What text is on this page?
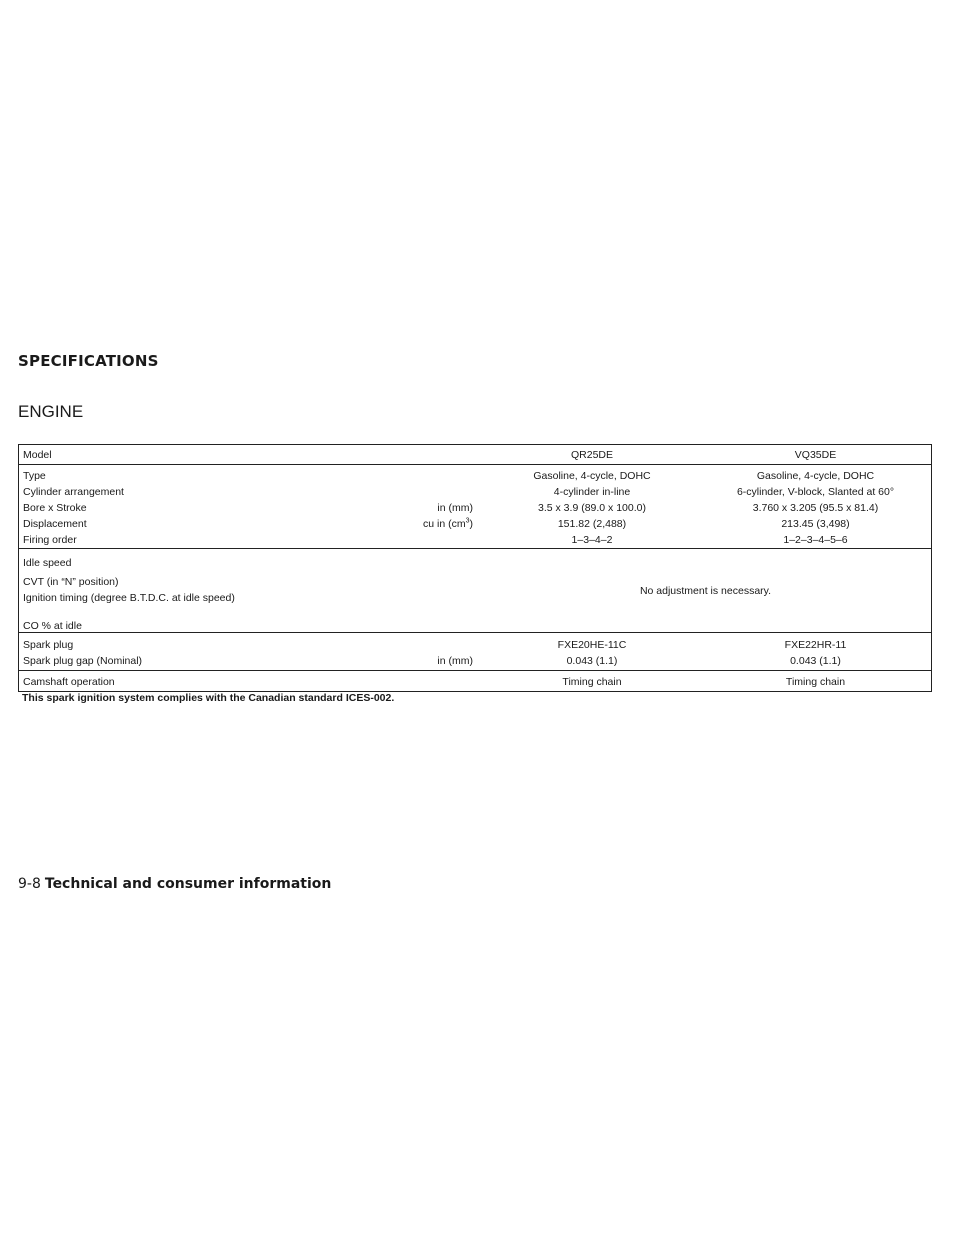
SPECIFICATIONS
ENGINE
Model	QR25DE	VQ35DE
Type	Gasoline, 4-cycle, DOHC	Gasoline, 4-cycle, DOHC
Cylinder arrangement	4-cylinder in-line	6-cylinder, V-block, Slanted at 60°
Bore x Stroke	in (mm)	3.5 x 3.9 (89.0 x 100.0)	3.760 x 3.205 (95.5 x 81.4)
Displacement	cu in $(cm^3)$	151.82 (2,488)	213.45 (3,498)
Firing order	1–3–4–2	1–2–3–4–5–6
Idle speed
CVT (in “N” position)
Ignition timing (degree B.T.D.C. at idle speed)
CO % at idle
No adjustment is necessary.
Spark plug	FXE20HE-11C	FXE22HR-11
Spark plug gap (Nominal)	in (mm)	0.043 (1.1)	0.043 (1.1)
Camshaft operation	Timing chain	Timing chain
This spark ignition system complies with the Canadian standard ICES-002.
9-8 Technical and consumer information
